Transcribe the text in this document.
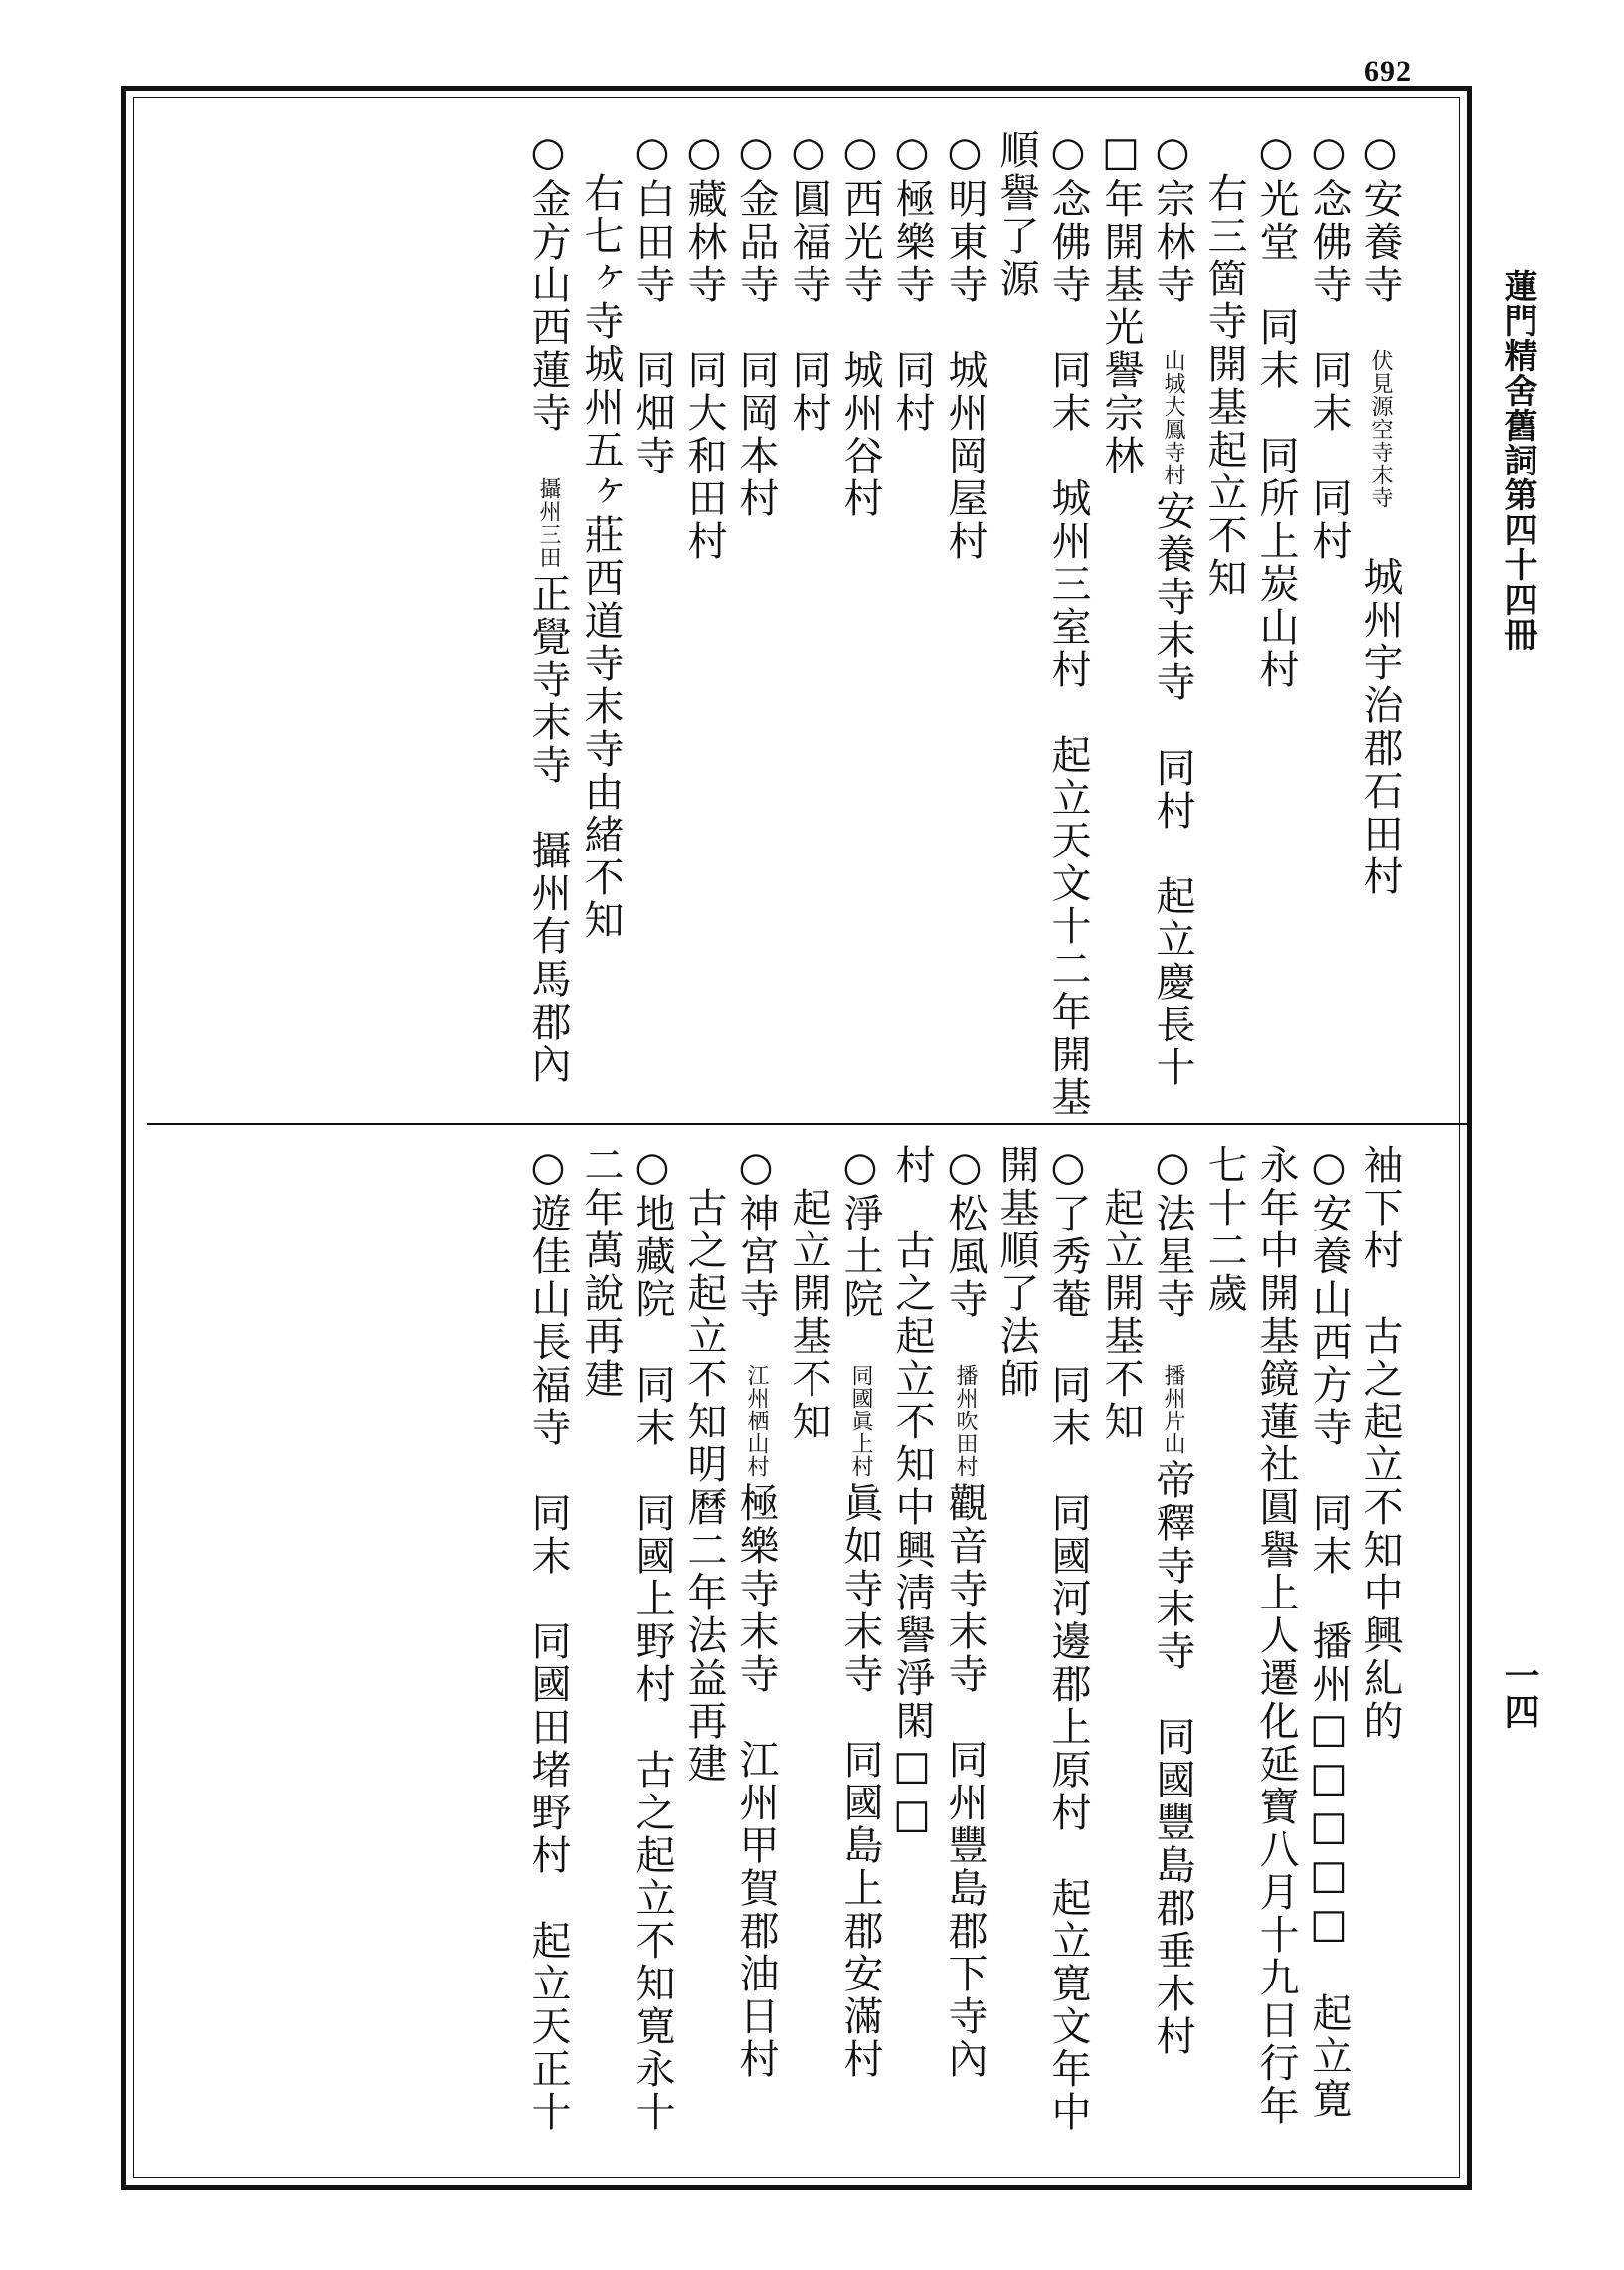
692
蓮門精舍舊詞第四十四冊
一四
○安養寺　伏見源空寺末寺　城州宇治郡石田村
○念佛寺　同末　同村
○光堂　同末　同所上炭山村
　右三箇寺開基起立不知
○宗林寺　山城大鳳寺村安養寺末寺　同村　起立慶長十
□年開基光譽宗林
○念佛寺　同末　城州三室村　起立天文十二年開基
順譽了源
○明東寺　城州岡屋村
○極樂寺　同村
○西光寺　城州谷村
○圓福寺　同村
○金品寺　同岡本村
○藏林寺　同大和田村
○白田寺　同畑寺
　右七ヶ寺城州五ヶ莊西道寺末寺由緒不知
○金方山西蓮寺　攝州三田正覺寺末寺　攝州有馬郡內
袖下村　古之起立不知中興糺的
○安養山西方寺　同末　播州□□□□□　起立寛
永年中開基鏡蓮社圓譽上人遷化延寶八月十九日行年
七十二歲
○法星寺　播州片山帝釋寺末寺　同國豐島郡垂木村
　起立開基不知
○了秀菴　同末　同國河邊郡上原村　起立寛文年中
開基順了法師
○松風寺　播州吹田村觀音寺末寺　同州豐島郡下寺內
村　古之起立不知中興淸譽淨閑□□
○淨土院　同國眞上村眞如寺末寺　同國島上郡安滿村
　起立開基不知
○神宮寺　江州栖山村極樂寺末寺　江州甲賀郡油日村
　古之起立不知明曆二年法益再建
○地藏院　同末　同國上野村　古之起立不知寛永十
二年萬說再建
○遊佳山長福寺　同末　同國田堵野村　起立天正十
